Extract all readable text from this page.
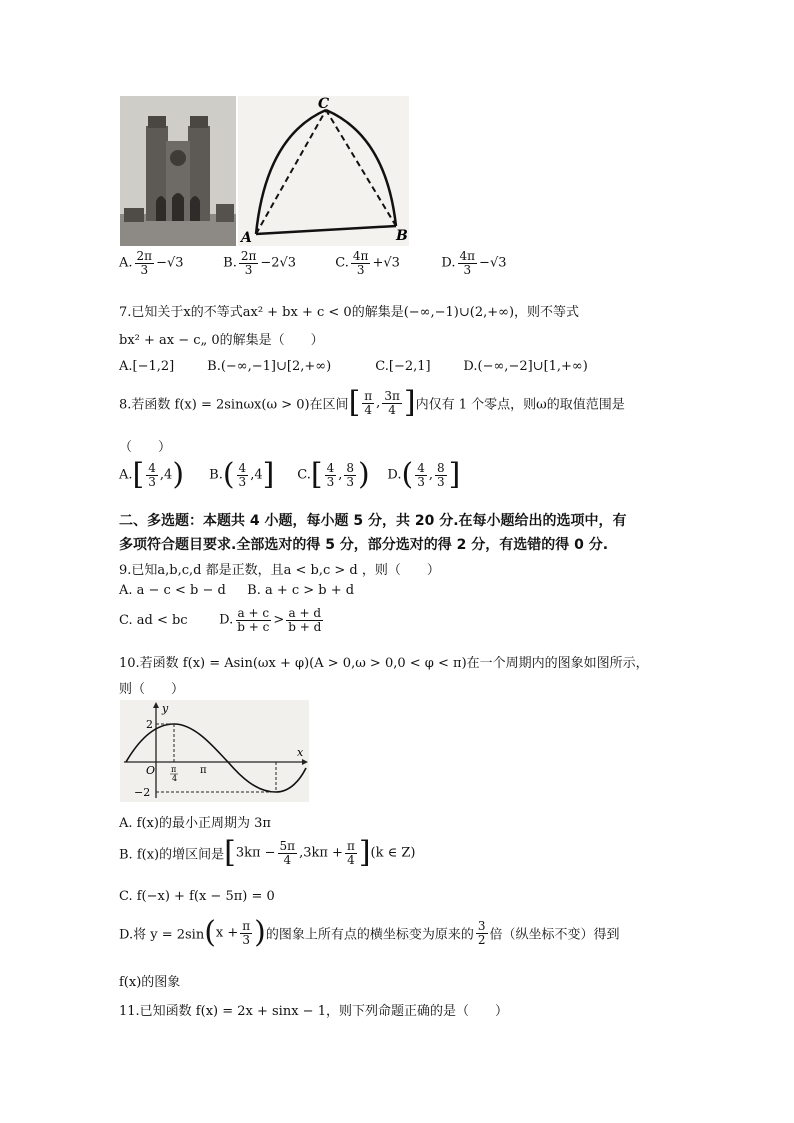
C
A	B
A. $\frac{2\pi}{3} -√3$	B. $\frac{2\pi}{3} -2√3$	C. $\frac{4\pi}{3} +√3$	D. $\frac{4\pi}{3} -√3$
7.已知关于x的不等式ax² + bx + c < 0的解集是(−∞,−1)∪(2,+∞)，则不等式
bx² + ax − c„ 0的解集是（　　）
A.[−1,2]	B.(−∞,−1]∪[2,+∞)	C.[−2,1]	D.(−∞,−2]∪[1,+∞)
8.若函数 f(x) = 2sinωx(ω > 0)在区间[ $\frac{\pi}{4}$ , $\frac{3\pi}{4}$ ]内仅有 1 个零点，则ω的取值范围是
（　　）
$A.[ \frac{4}{3} ,4)$ $B.( \frac{4}{3} ,4]$ $C.[ \frac{4}{3}$ , $\frac{8}{3}$ ) $D.( \frac{4}{3}$ , $\frac{8}{3}$ ]
二、多选题：本题共 4 小题，每小题 5 分，共 20 分.在每小题给出的选项中，有
多项符合题目要求.全部选对的得 5 分，部分选对的得 2 分，有选错的得 0 分.
9.已知a,b,c,d 都是正数，且a < b,c > d ，则（　　）
A. a − c < b − d B. a + c > b + d
C. ad < bc D. $\frac{a + c}{b + c} > \frac{a + d}{b + d}$
10.若函数 f(x) = Asin(ωx + φ)(A > 0,ω > 0,0 < φ < π)在一个周期内的图象如图所示，
则（　　）
y
x
2
−2
O π
4
π
A. f(x)的最小正周期为 3π
B. f(x)的增区间是$[3k\pi - \frac{5\pi}{4} ,3k\pi + \frac{\pi}{4} ](k$ ∈ Z)
C. f(−x) + f(x − 5π) = 0
D.将 $y = 2\sin(x + \frac{\pi}{3}$ )的图象上所有点的横坐标变为原来的 $\frac{3}{2}$ 倍（纵坐标不变）得到
f(x)的图象
11.已知函数 f(x) = 2x + sinx − 1，则下列命题正确的是（　　）
